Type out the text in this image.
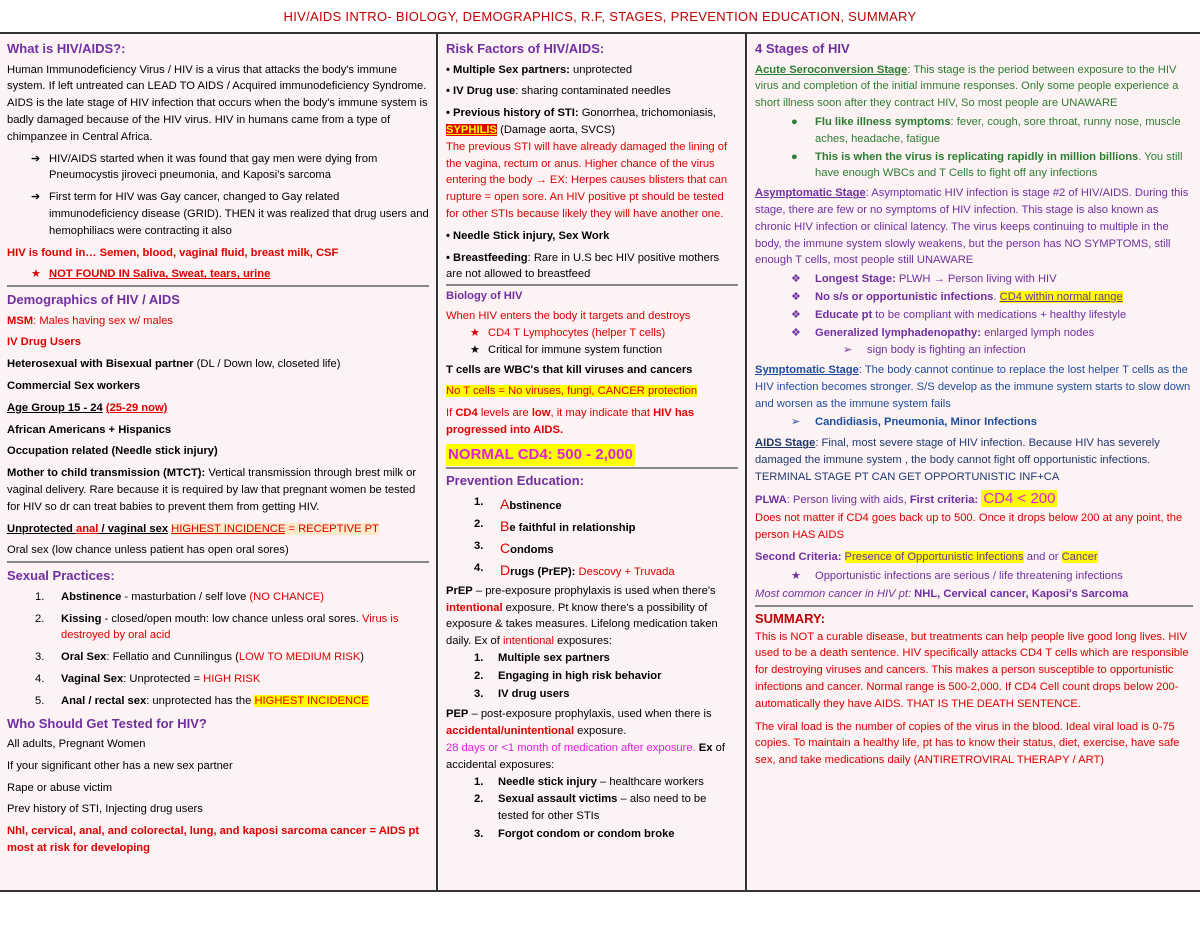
HIV/AIDS INTRO- BIOLOGY, DEMOGRAPHICS, R.F, STAGES, PREVENTION EDUCATION, SUMMARY
What is HIV/AIDS?:

Human Immunodeficiency Virus / HIV is a virus that attacks the body's immune system. If left untreated can LEAD TO AIDS / Acquired immunodeficiency Syndrome. AIDS is the late stage of HIV infection that occurs when the body's immune system is badly damaged because of the HIV virus. HIV in humans came from a type of chimpanzee in Central Africa.

➔ HIV/AIDS started when it was found that gay men were dying from Pneumocystis jiroveci pneumonia, and Kaposi's sarcoma
➔ First term for HIV was Gay cancer, changed to Gay related immunodeficiency disease (GRID). THEN it was realized that drug users and hemophiliacs were contracting it also

HIV is found in… Semen, blood, vaginal fluid, breast milk, CSF

★ NOT FOUND IN Saliva, Sweat, tears, urine
Demographics of HIV / AIDS

MSM: Males having sex w/ males

IV Drug Users

Heterosexual with Bisexual partner (DL / Down low, closeted life)

Commercial Sex workers

Age Group 15 - 24 (25-29 now)

African Americans + Hispanics

Occupation related (Needle stick injury)

Mother to child transmission (MTCT): Vertical transmission through brest milk or vaginal delivery. Rare because it is required by law that pregnant women be tested for HIV so dr can treat babies to prevent them from getting HIV.

Unprotected anal / vaginal sex HIGHEST INCIDENCE = RECEPTIVE PT

Oral sex (low chance unless patient has open oral sores)

Sexual Practices:
1. Abstinence - masturbation / self love (NO CHANCE)
2. Kissing - closed/open mouth: low chance unless oral sores. Virus is destroyed by oral acid
3. Oral Sex: Fellatio and Cunnilingus (LOW TO MEDIUM RISK)
4. Vaginal Sex: Unprotected = HIGH RISK
5. Anal / rectal sex: unprotected has the HIGHEST INCIDENCE
Who Should Get Tested for HIV?

All adults, Pregnant Women

If your significant other has a new sex partner

Rape or abuse victim

Prev history of STI, Injecting drug users

Nhl, cervical, anal, and colorectal, lung, and kaposi sarcoma cancer = AIDS pt most at risk for developing

Risk Factors of HIV/AIDS:

• Multiple Sex partners: unprotected

• IV Drug use: sharing contaminated needles

• Previous history of STI: Gonorrhea, trichomoniasis,
SYPHILIS (Damage aorta, SVCS)

The previous STI will have already damaged the lining of the vagina, rectum or anus. Higher chance of the virus entering the body → EX: Herpes causes blisters that can rupture = open sore. An HIV positive pt should be tested for other STIs because likely they will have another one.

• Needle Stick injury, Sex Work

• Breastfeeding: Rare in U.S bec HIV positive mothers are not allowed to breastfeed

Biology of HIV

When HIV enters the body it targets and destroys

★ CD4 T Lymphocytes (helper T cells)
★ Critical for immune system function

T cells are WBC's that kill viruses and cancers

No T cells = No viruses, fungi, CANCER protection

If CD4 levels are low, it may indicate that HIV has progressed into AIDS.

NORMAL CD4: 500 - 2,000

Prevention Education:
1. Abstinence
2. Be faithful in relationship
3. Condoms
4. Drugs (PrEP): Descovy + Truvada

PrEP – pre-exposure prophylaxis is used when there's intentional exposure. Pt know there's a possibility of exposure & takes measures. Lifelong medication taken daily. Ex of intentional exposures:

1. Multiple sex partners
2. Engaging in high risk behavior
3. IV drug users

PEP – post-exposure prophylaxis, used when there is accidental/unintentional exposure.
28 days or <1 month of medication after exposure. Ex of accidental exposures:

1. Needle stick injury – healthcare workers
2. Sexual assault victims – also need to be tested for other STIs
3. Forgot condom or condom broke
4 Stages of HIV

Acute Seroconversion Stage: This stage is the period between exposure to the HIV virus and completion of the initial immune responses. Only some people experience a short illness soon after they contract HIV, So most people are UNAWARE

● Flu like illness symptoms: fever, cough, sore throat, runny nose, muscle aches, headache, fatigue
● This is when the virus is replicating rapidly in million billions. You still have enough WBCs and T Cells to fight off any infections

Asymptomatic Stage: Asymptomatic HIV infection is stage #2 of HIV/AIDS. During this stage, there are few or no symptoms of HIV infection. This stage is also known as chronic HIV infection or clinical latency. The virus keeps continuing to multiple in the body, the immune system slowly weakens, but the person has NO SYMPTOMS, still enough T cells, most people still UNAWARE

❖ Longest Stage: PLWH → Person living with HIV
❖ No s/s or opportunistic infections. CD4 within normal range
❖ Educate pt to be compliant with medications + healthy lifestyle
❖ Generalized lymphadenopathy: enlarged lymph nodes
➢ sign body is fighting an infection

Symptomatic Stage: The body cannot continue to replace the lost helper T cells as the HIV infection becomes stronger. S/S develop as the immune system starts to slow down and worsen as the immune system fails

➢ Candidiasis, Pneumonia, Minor Infections

AIDS Stage: Final, most severe stage of HIV infection. Because HIV has severely damaged the immune system , the body cannot fight off opportunistic infections. TERMINAL STAGE PT CAN GET OPPORTUNISTIC INF+CA

PLWA: Person living with aids, First criteria: CD4 < 200

Does not matter if CD4 goes back up to 500. Once it drops below 200 at any point, the person HAS AIDS

Second Criteria: Presence of Opportunistic infections and or Cancer

★ Opportunistic infections are serious / life threatening infections

Most common cancer in HIV pt: NHL, Cervical cancer, Kaposi's Sarcoma

SUMMARY:

This is NOT a curable disease, but treatments can help people live good long lives. HIV used to be a death sentence. HIV specifically attacks CD4 T cells which are responsible for destroying viruses and cancers. This makes a person susceptible to opportunistic infections and cancer. Normal range is 500-2,000. If CD4 Cell count drops below 200- automatically they have AIDS. THAT IS THE DEATH SENTENCE.

The viral load is the number of copies of the virus in the blood. Ideal viral load is 0-75 copies. To maintain a healthy life, pt has to know their status, diet, exercise, have safe sex, and take medications daily (ANTIRETROVIRAL THERAPY / ART)
